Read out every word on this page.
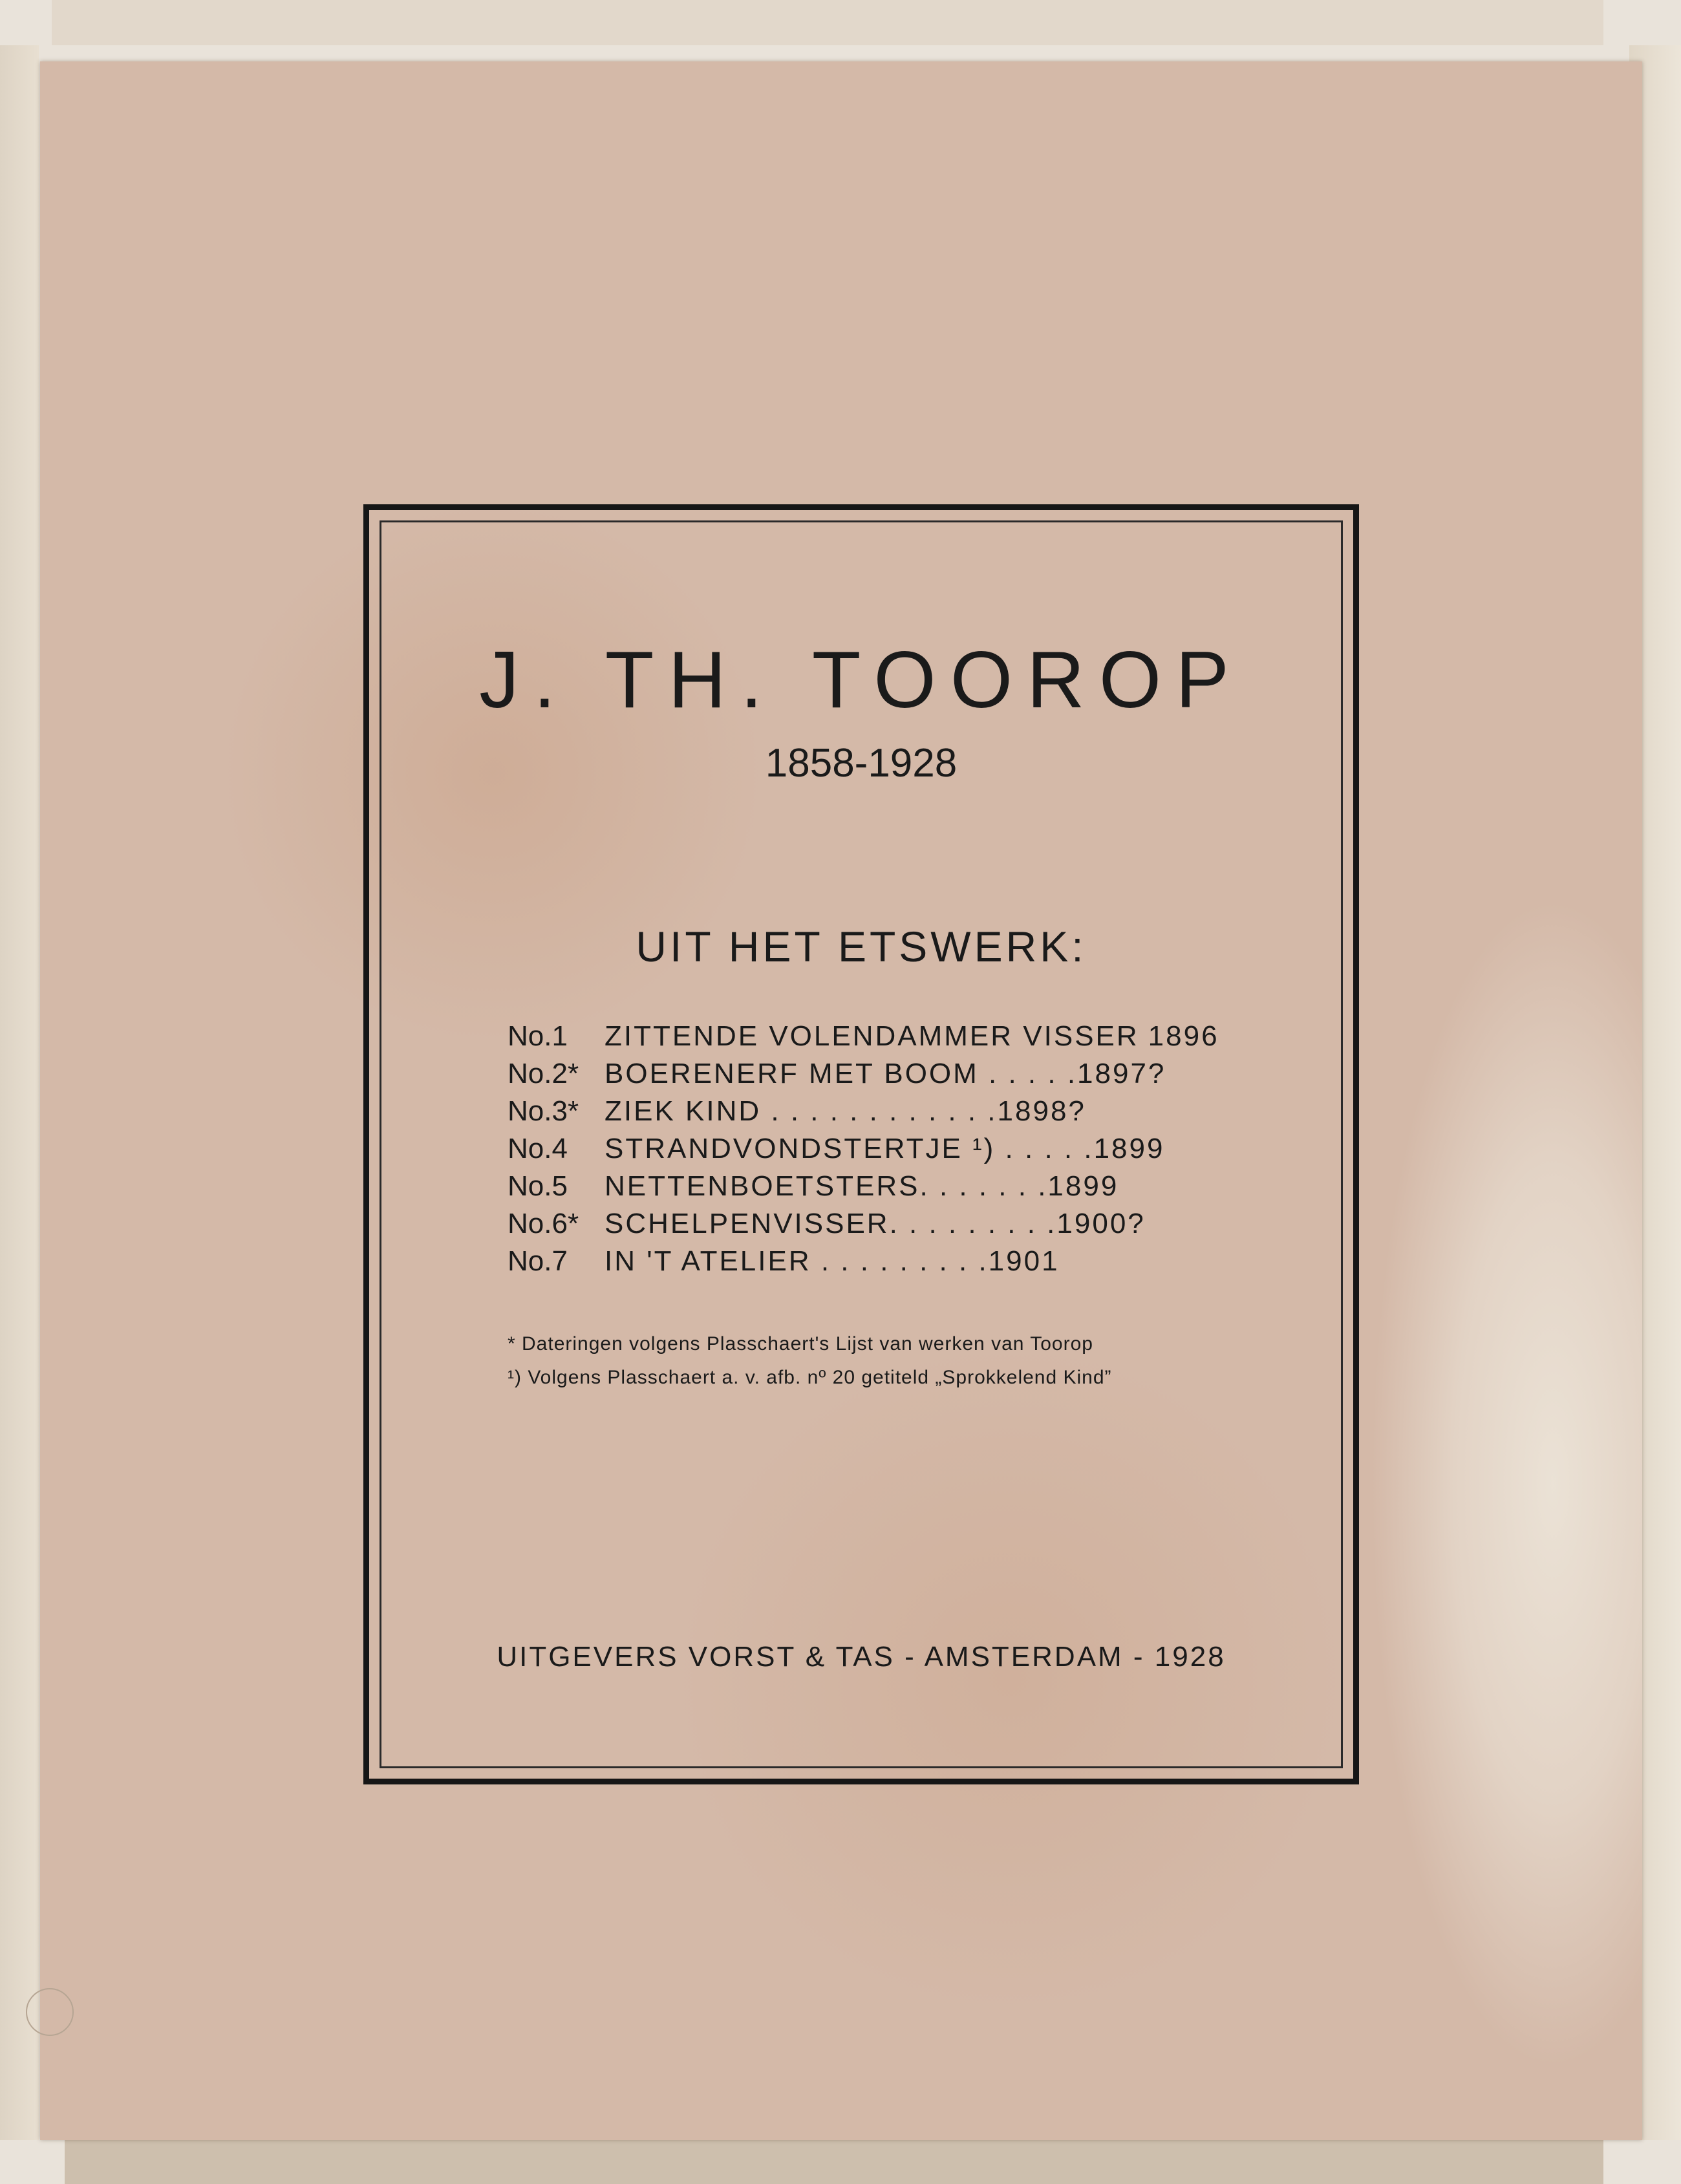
J. TH. TOOROP
1858-1928
UIT HET ETSWERK:
No.1	ZITTENDE VOLENDAMMER VISSER 1896
No.2* BOERENERF MET BOOM . . . . . 1897?
No.3* ZIEK KIND . . . . . . . . . . . . 1898?
No.4	STRANDVONDSTERTJE ¹) . . . . . 1899
No.5	NETTENBOETSTERS. . . . . . . 1899
No.6* SCHELPENVISSER. . . . . . . . . 1900?
No.7	IN 'T ATELIER . . . . . . . . . 1901
* Dateringen volgens Plasschaert's Lijst van werken van Toorop
¹) Volgens Plasschaert a. v. afb. nº 20 getiteld „Sprokkelend Kind”
UITGEVERS VORST & TAS - AMSTERDAM - 1928
